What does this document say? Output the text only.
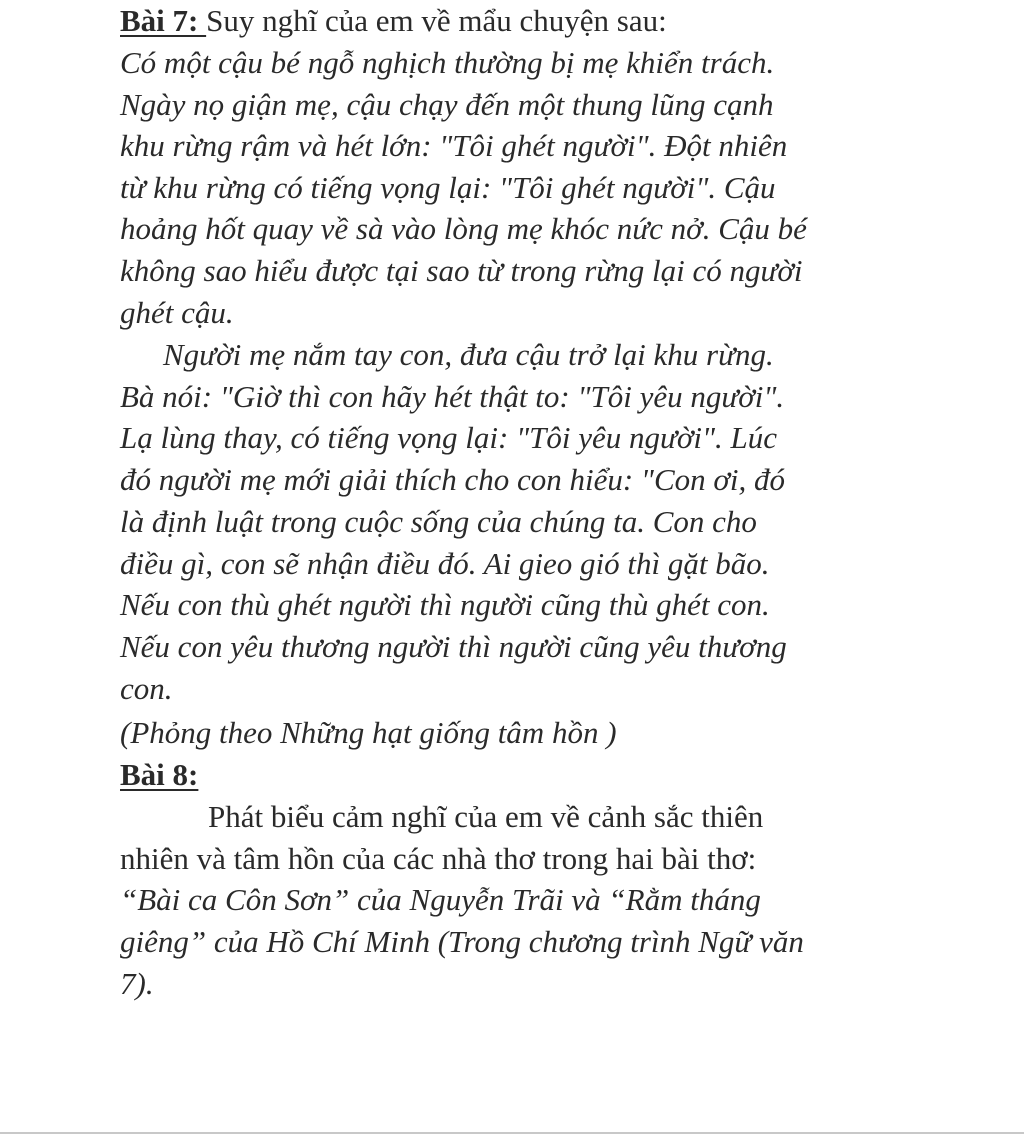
Bài 7: Suy nghĩ của em về mẩu chuyện sau:

Có một cậu bé ngỗ nghịch thường bị mẹ khiển trách.

Ngày nọ giận mẹ, cậu chạy đến một thung lũng cạnh

khu rừng rậm và hét lớn: "Tôi ghét người". Đột nhiên

từ khu rừng có tiếng vọng lại: "Tôi ghét người". Cậu

hoảng hốt quay về sà vào lòng mẹ khóc nức nở. Cậu bé

không sao hiểu được tại sao từ trong rừng lại có người

ghét cậu.

Người mẹ nắm tay con, đưa cậu trở lại khu rừng.

Bà nói: "Giờ thì con hãy hét thật to: "Tôi yêu người".

Lạ lùng thay, có tiếng vọng lại: "Tôi yêu người". Lúc

đó người mẹ mới giải thích cho con hiểu: "Con ơi, đó

là định luật trong cuộc sống của chúng ta. Con cho

điều gì, con sẽ nhận điều đó. Ai gieo gió thì gặt bão.

Nếu con thù ghét người thì người cũng thù ghét con.

Nếu con yêu thương người thì người cũng yêu thương

con.

(Phỏng theo Những hạt giống tâm hồn )

Bài 8:

Phát biểu cảm nghĩ của em về cảnh sắc thiên

nhiên và tâm hồn của các nhà thơ trong hai bài thơ:

“Bài ca Côn Sơn” của Nguyễn Trãi và “Rằm tháng

giêng” của Hồ Chí Minh (Trong chương trình Ngữ văn

7).
